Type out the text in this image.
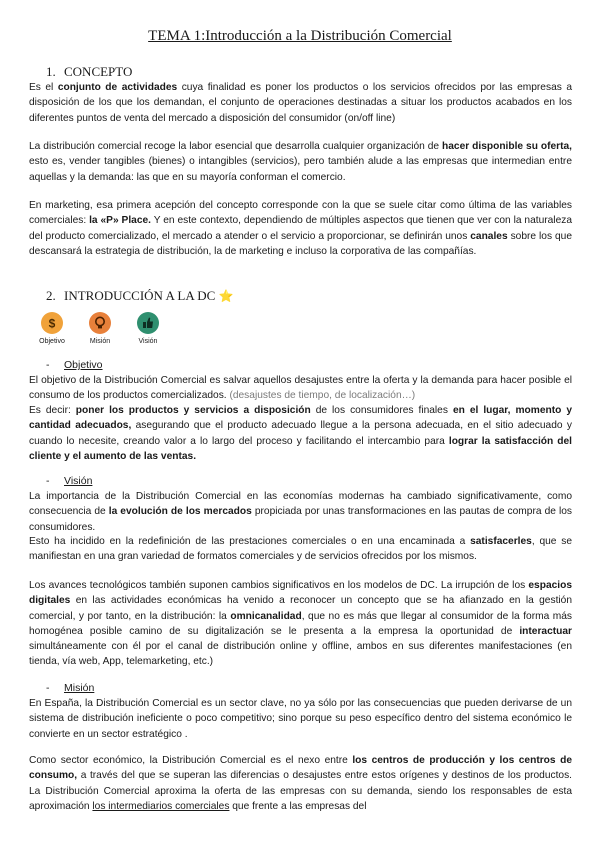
TEMA 1:Introducción a la Distribución Comercial
1. CONCEPTO

Es el conjunto de actividades cuya finalidad es poner los productos o los servicios ofrecidos por las empresas a disposición de los que los demandan, el conjunto de operaciones destinadas a situar los productos acabados en los diferentes puntos de venta del mercado a disposición del consumidor (on/off line)

La distribución comercial recoge la labor esencial que desarrolla cualquier organización de hacer disponible su oferta, esto es, vender tangibles (bienes) o intangibles (servicios), pero también alude a las empresas que intermedian entre aquellas y la demanda: las que en su mayoría conforman el comercio.

En marketing, esa primera acepción del concepto corresponde con la que se suele citar como última de las variables comerciales: la «P» Place. Y en este contexto, dependiendo de múltiples aspectos que tienen que ver con la naturaleza del producto comercializado, el mercado a atender o el servicio a proporcionar, se definirán unos canales sobre los que descansará la estrategia de distribución, la de marketing e incluso la corporativa de las compañías.

2. INTRODUCCIÓN A LA DC ⭐
$
Objetivo	Misión	Visión
- Objetivo

El objetivo de la Distribución Comercial es salvar aquellos desajustes entre la oferta y la demanda para hacer posible el consumo de los productos comercializados. (desajustes de tiempo, de localización…)

Es decir: poner los productos y servicios a disposición de los consumidores finales en el lugar, momento y cantidad adecuados, asegurando que el producto adecuado llegue a la persona adecuada, en el sitio adecuado y cuando lo necesite, creando valor a lo largo del proceso y facilitando el intercambio para lograr la satisfacción del cliente y el aumento de las ventas.

- Visión

La importancia de la Distribución Comercial en las economías modernas ha cambiado significativamente, como consecuencia de la evolución de los mercados propiciada por unas transformaciones en las pautas de compra de los consumidores.

Esto ha incidido en la redefinición de las prestaciones comerciales o en una encaminada a satisfacerles, que se manifiestan en una gran variedad de formatos comerciales y de servicios ofrecidos por los mismos.

Los avances tecnológicos también suponen cambios significativos en los modelos de DC. La irrupción de los espacios digitales en las actividades económicas ha venido a reconocer un concepto que se ha afianzado en la gestión comercial, y por tanto, en la distribución: la omnicanalidad, que no es más que llegar al consumidor de la forma más homogénea posible camino de su digitalización se le presenta a la empresa la oportunidad de interactuar simultáneamente con él por el canal de distribución online y offline, ambos en sus diferentes manifestaciones (en tienda, vía web, App, telemarketing, etc.)

- Misión

En España, la Distribución Comercial es un sector clave, no ya sólo por las consecuencias que pueden derivarse de un sistema de distribución ineficiente o poco competitivo; sino porque su peso específico dentro del sistema económico le convierte en un sector estratégico .

Como sector económico, la Distribución Comercial es el nexo entre los centros de producción y los centros de consumo, a través del que se superan las diferencias o desajustes entre estos orígenes y destinos de los productos. La Distribución Comercial aproxima la oferta de las empresas con su demanda, siendo los responsables de esta aproximación los intermediarios comerciales que frente a las empresas del
